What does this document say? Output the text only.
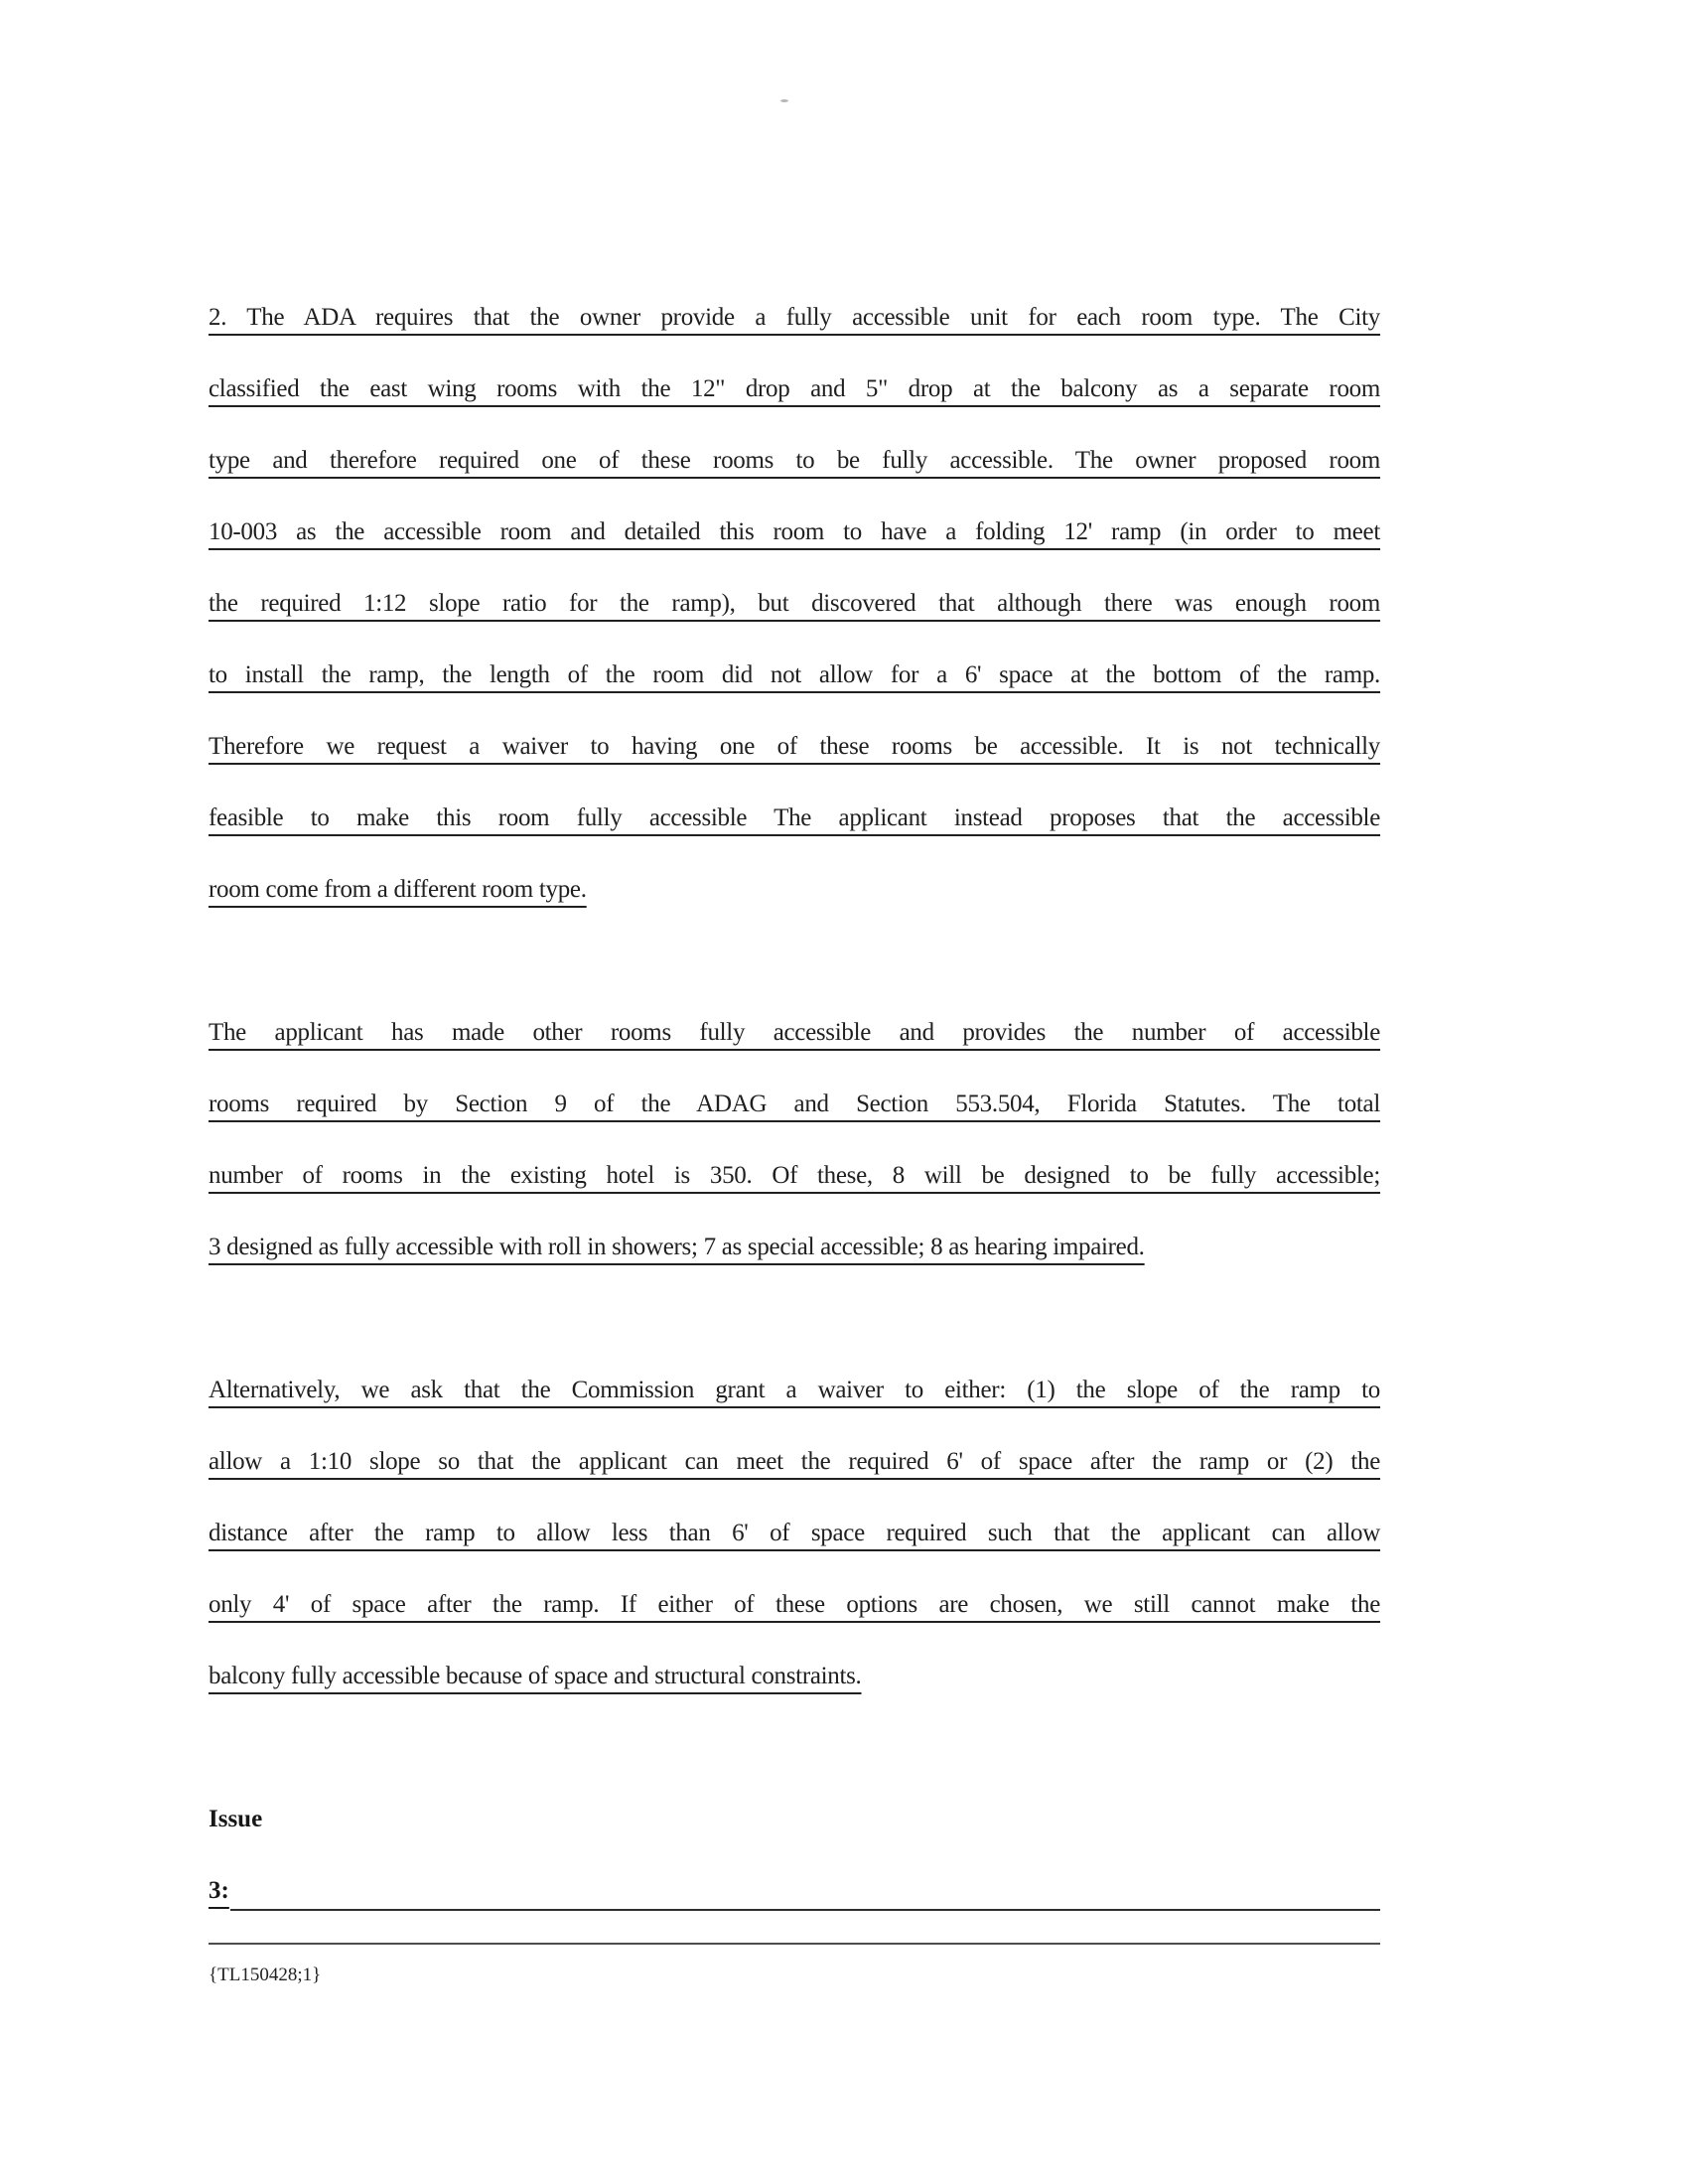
2. The ADA requires that the owner provide a fully accessible unit for each room type. The City
classified the east wing rooms with the 12" drop and 5" drop at the balcony as a separate room
type and therefore required one of these rooms to be fully accessible. The owner proposed room
10-003 as the accessible room and detailed this room to have a folding 12' ramp (in order to meet
the required 1:12 slope ratio for the ramp), but discovered that although there was enough room
to install the ramp, the length of the room did not allow for a 6' space at the bottom of the ramp.
Therefore we request a waiver to having one of these rooms be accessible. It is not technically
feasible to make this room fully accessible The applicant instead proposes that the accessible
room come from a different room type.
The applicant has made other rooms fully accessible and provides the number of accessible
rooms required by Section 9 of the ADAG and Section 553.504, Florida Statutes. The total
number of rooms in the existing hotel is 350. Of these, 8 will be designed to be fully accessible;
3 designed as fully accessible with roll in showers; 7 as special accessible; 8 as hearing impaired.
Alternatively, we ask that the Commission grant a waiver to either: (1) the slope of the ramp to
allow a 1:10 slope so that the applicant can meet the required 6' of space after the ramp or (2) the
distance after the ramp to allow less than 6' of space required such that the applicant can allow
only 4' of space after the ramp. If either of these options are chosen, we still cannot make the
balcony fully accessible because of space and structural constraints.
Issue
3:
{TL150428;1}
